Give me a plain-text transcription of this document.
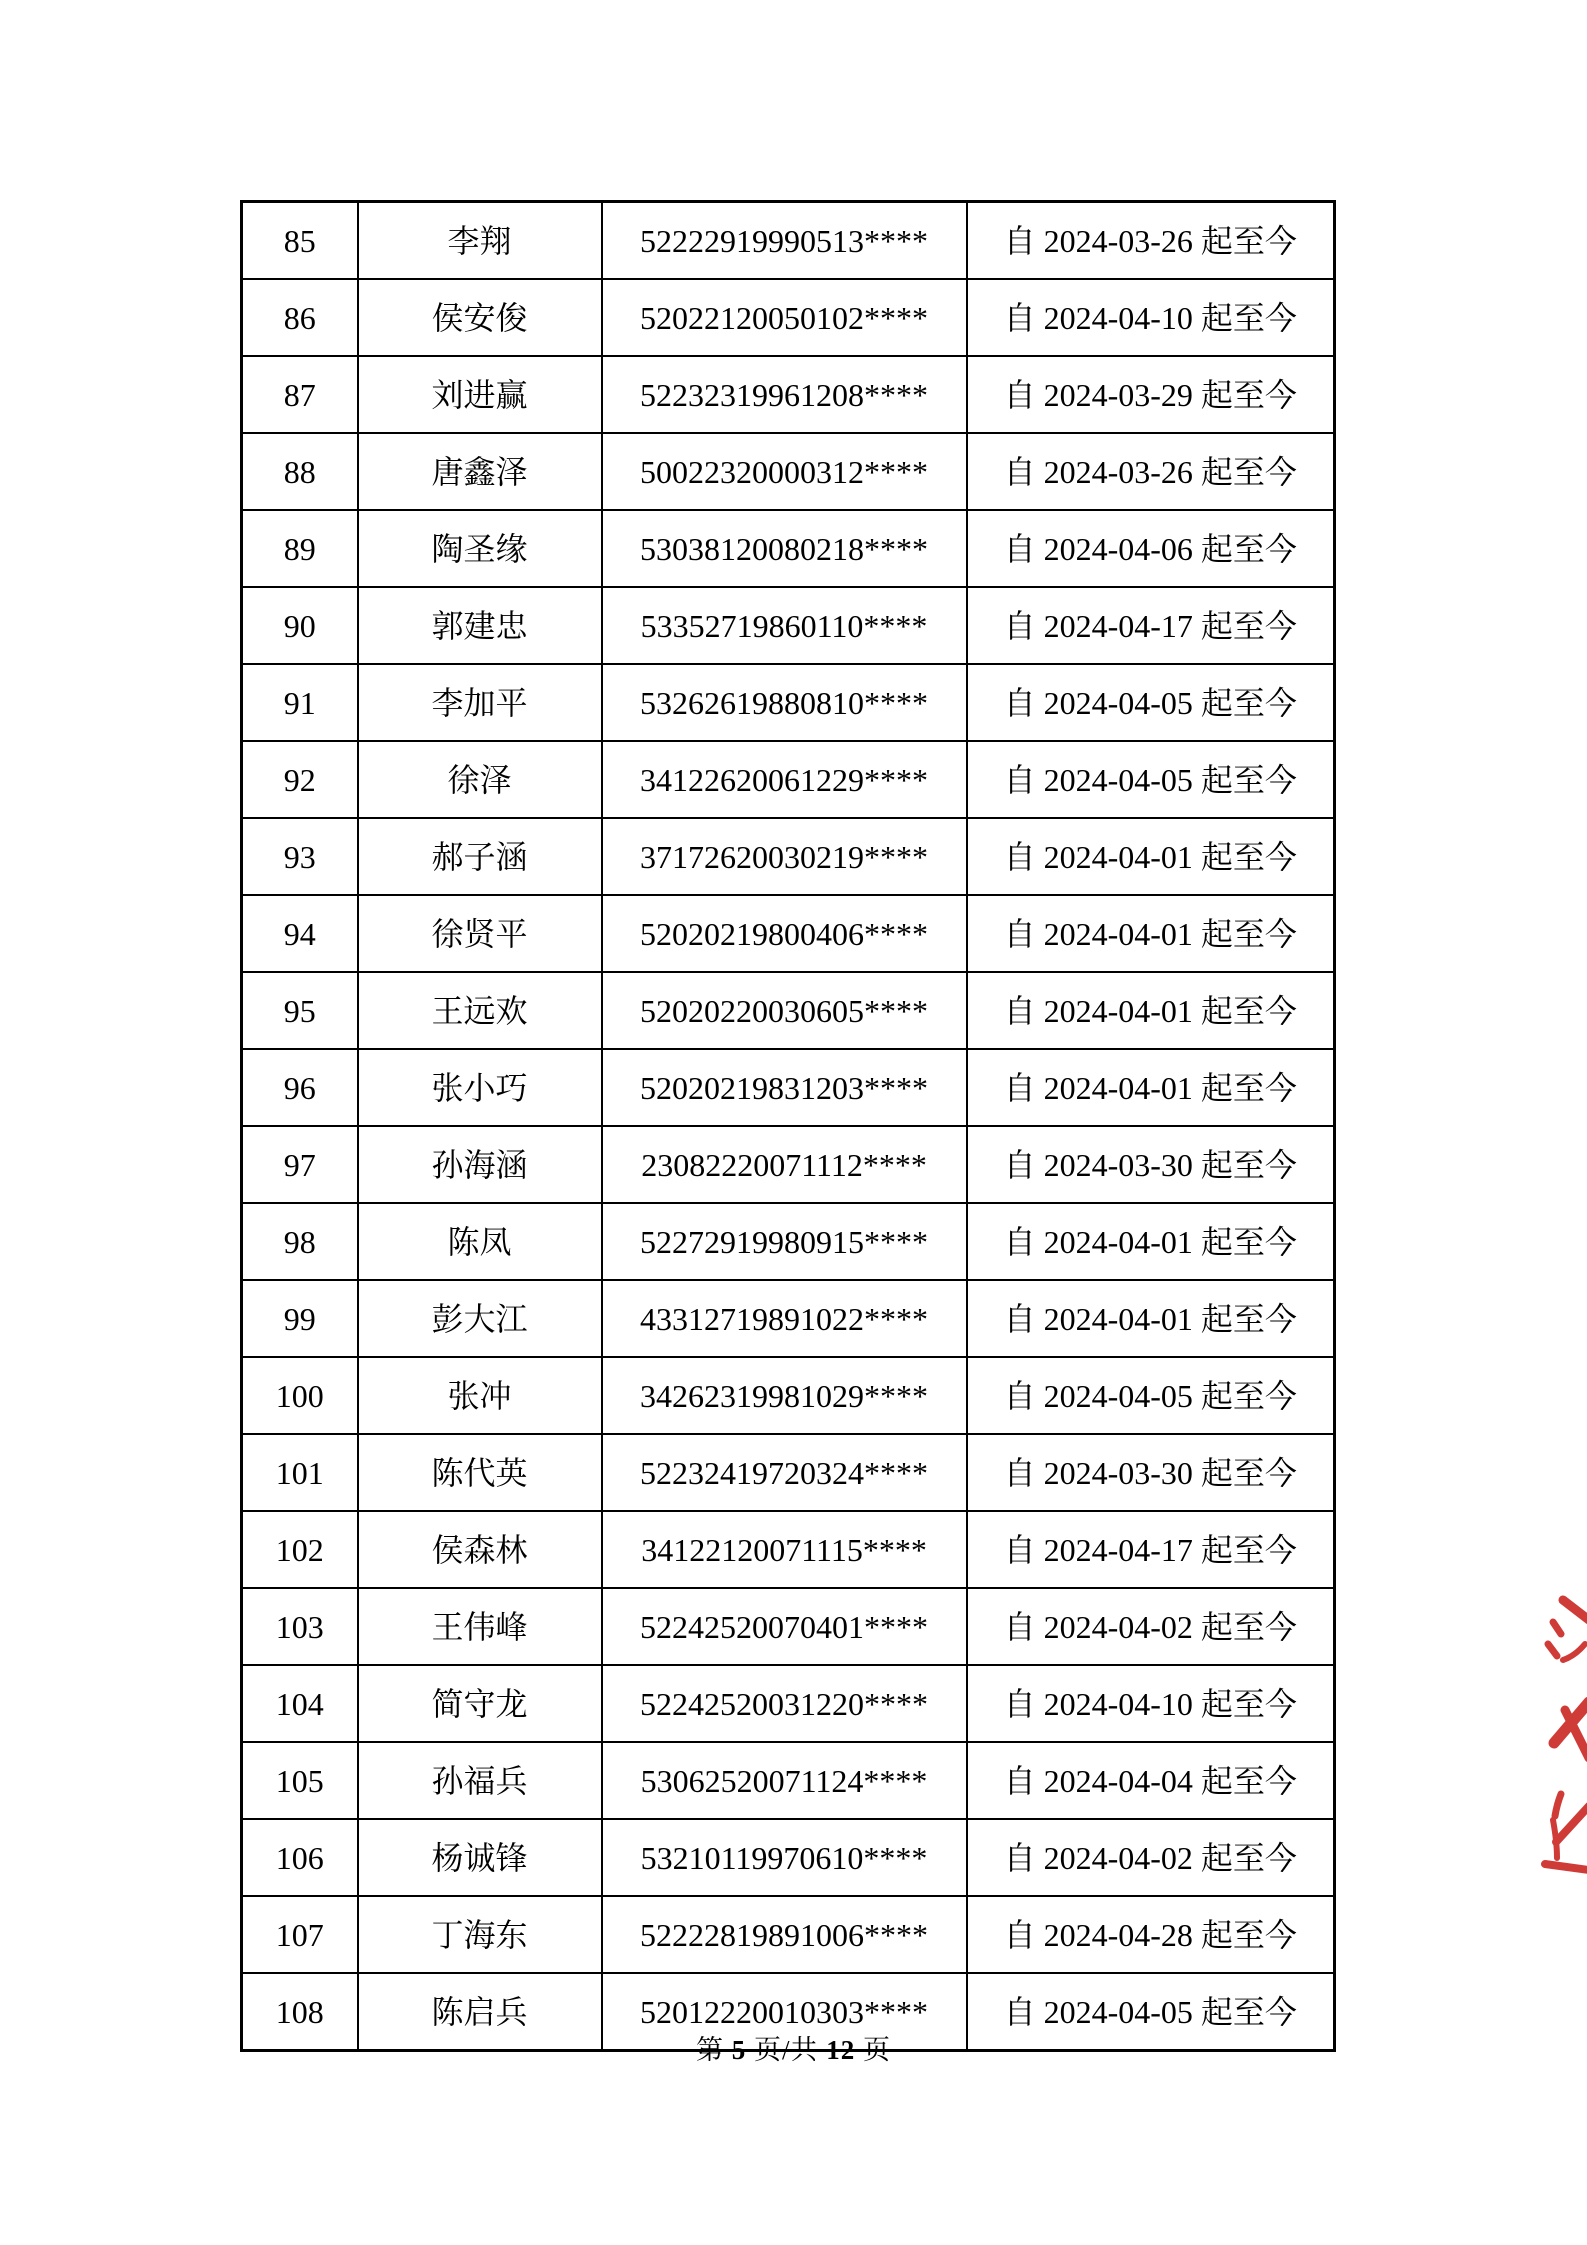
85	李翔	52222919990513****	自 2024-03-26 起至今
86	侯安俊	52022120050102****	自 2024-04-10 起至今
87	刘进赢	52232319961208****	自 2024-03-29 起至今
88	唐鑫泽	50022320000312****	自 2024-03-26 起至今
89	陶圣缘	53038120080218****	自 2024-04-06 起至今
90	郭建忠	53352719860110****	自 2024-04-17 起至今
91	李加平	53262619880810****	自 2024-04-05 起至今
92	徐泽	34122620061229****	自 2024-04-05 起至今
93	郝子涵	37172620030219****	自 2024-04-01 起至今
94	徐贤平	52020219800406****	自 2024-04-01 起至今
95	王远欢	52020220030605****	自 2024-04-01 起至今
96	张小巧	52020219831203****	自 2024-04-01 起至今
97	孙海涵	23082220071112****	自 2024-03-30 起至今
98	陈凤	52272919980915****	自 2024-04-01 起至今
99	彭大江	43312719891022****	自 2024-04-01 起至今
100	张冲	34262319981029****	自 2024-04-05 起至今
101	陈代英	52232419720324****	自 2024-03-30 起至今
102	侯森林	34122120071115****	自 2024-04-17 起至今
103	王伟峰	52242520070401****	自 2024-04-02 起至今
104	简守龙	52242520031220****	自 2024-04-10 起至今
105	孙福兵	53062520071124****	自 2024-04-04 起至今
106	杨诚锋	53210119970610****	自 2024-04-02 起至今
107	丁海东	52222819891006****	自 2024-04-28 起至今
108	陈启兵	52012220010303****	自 2024-04-05 起至今
第 5 页/共 12 页
